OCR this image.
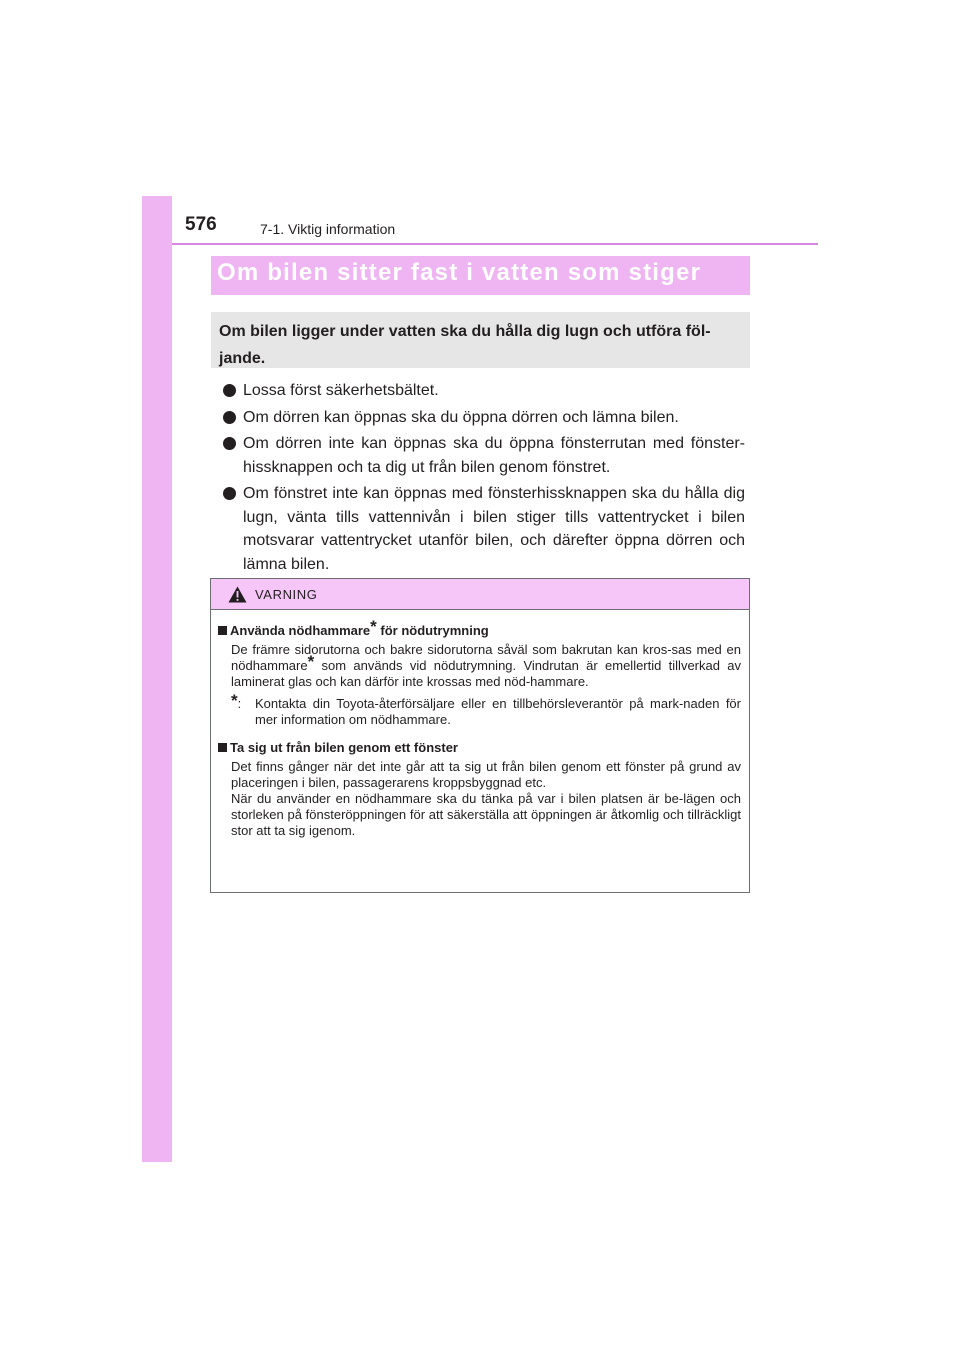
576	7-1. Viktig information
Om bilen sitter fast i vatten som stiger
Om bilen ligger under vatten ska du hålla dig lugn och utföra föl-jande.
Lossa först säkerhetsbältet.
Om dörren kan öppnas ska du öppna dörren och lämna bilen.
Om dörren inte kan öppnas ska du öppna fönsterrutan med fönster-hissknappen och ta dig ut från bilen genom fönstret.
Om fönstret inte kan öppnas med fönsterhissknappen ska du hålla dig lugn, vänta tills vattennivån i bilen stiger tills vattentrycket i bilen motsvarar vattentrycket utanför bilen, och därefter öppna dörren och lämna bilen.
VARNING
Använda nödhammare* för nödutrymning
De främre sidorutorna och bakre sidorutorna såväl som bakrutan kan kros-sas med en nödhammare* som används vid nödutrymning. Vindrutan är emellertid tillverkad av laminerat glas och kan därför inte krossas med nöd-hammare.
*: Kontakta din Toyota-återförsäljare eller en tillbehörsleverantör på mark-naden för mer information om nödhammare.
Ta sig ut från bilen genom ett fönster
Det finns gånger när det inte går att ta sig ut från bilen genom ett fönster på grund av placeringen i bilen, passagerarens kroppsbyggnad etc.
När du använder en nödhammare ska du tänka på var i bilen platsen är be-lägen och storleken på fönsteröppningen för att säkerställa att öppningen är åtkomlig och tillräckligt stor att ta sig igenom.
